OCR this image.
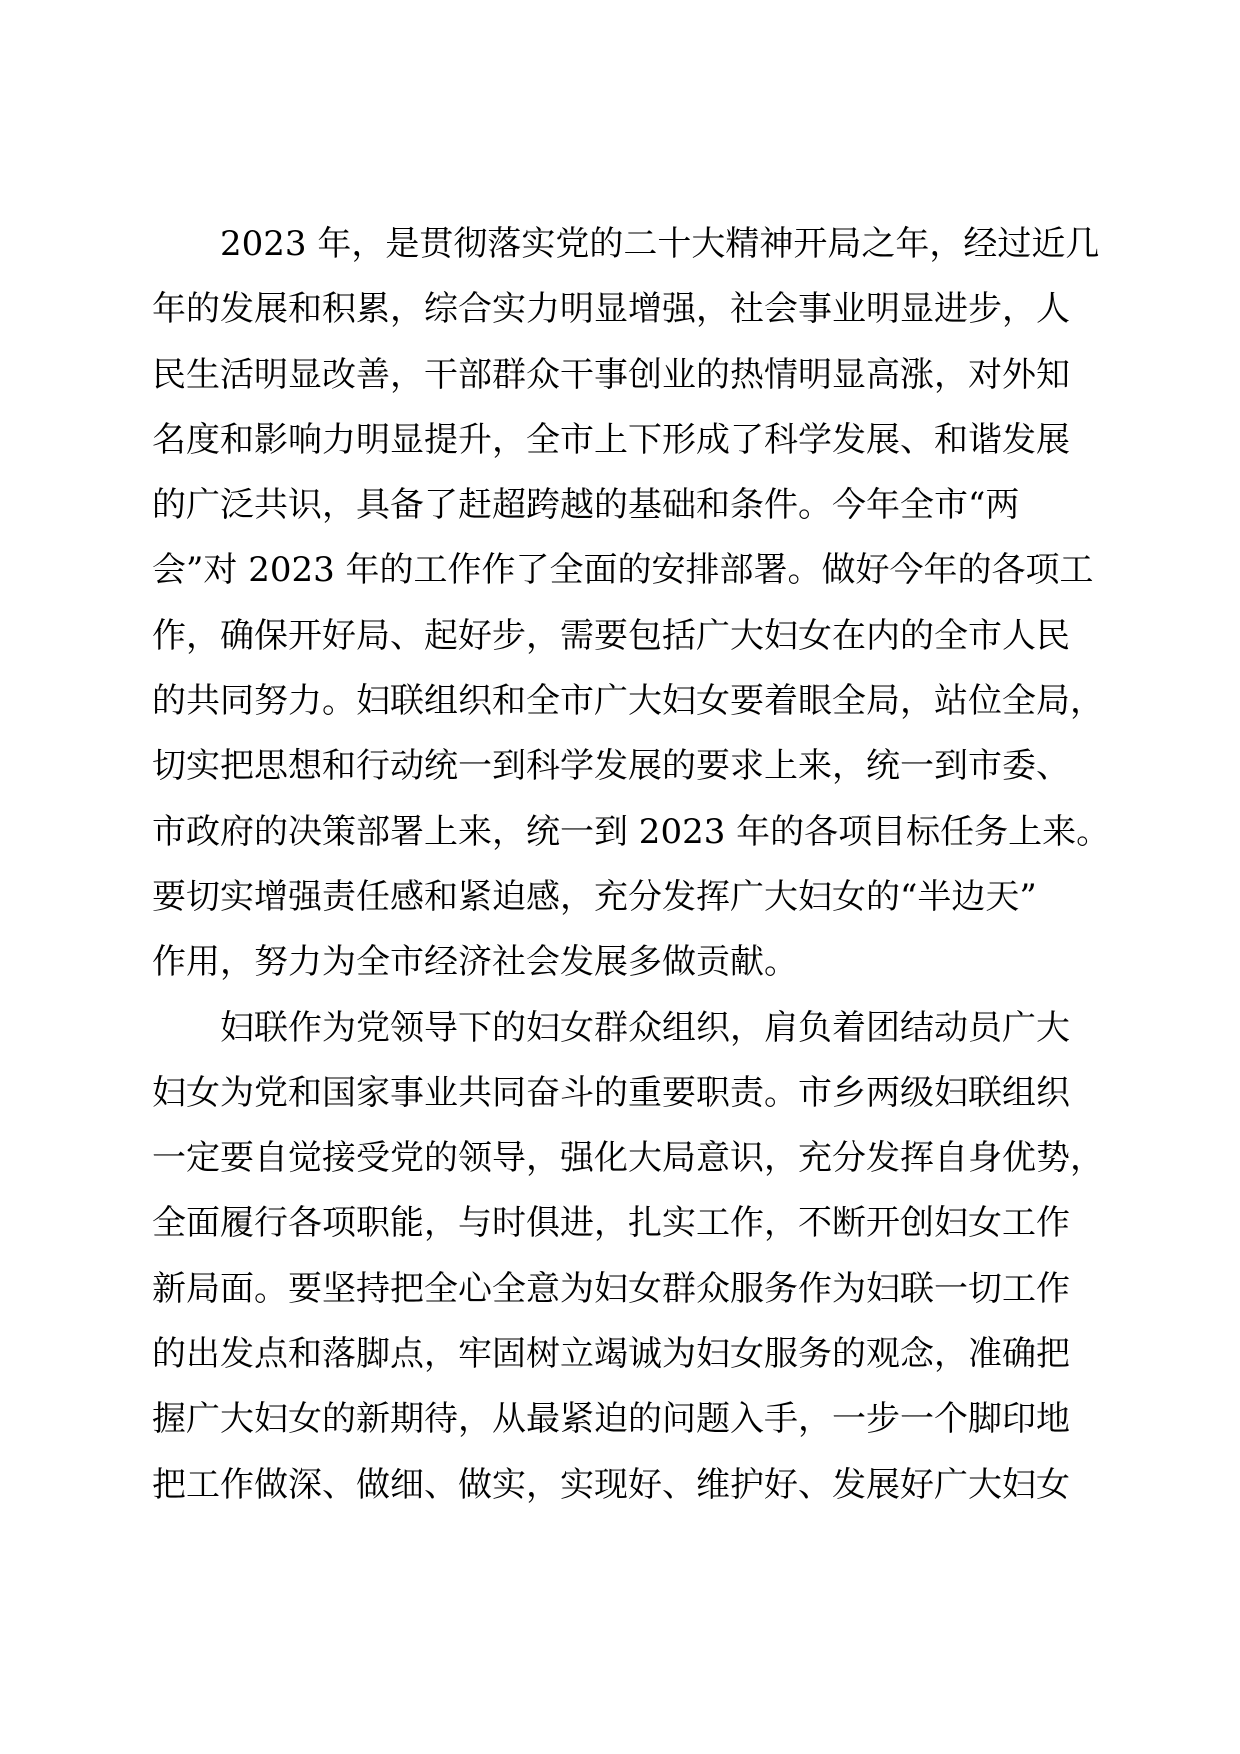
2023 年，是贯彻落实党的二十大精神开局之年，经过近几
年的发展和积累，综合实力明显增强，社会事业明显进步，人
民生活明显改善，干部群众干事创业的热情明显高涨，对外知
名度和影响力明显提升，全市上下形成了科学发展、和谐发展
的广泛共识，具备了赶超跨越的基础和条件。今年全市“两
会”对 2023 年的工作作了全面的安排部署。做好今年的各项工
作，确保开好局、起好步，需要包括广大妇女在内的全市人民
的共同努力。妇联组织和全市广大妇女要着眼全局，站位全局，
切实把思想和行动统一到科学发展的要求上来，统一到市委、
市政府的决策部署上来，统一到 2023 年的各项目标任务上来。
要切实增强责任感和紧迫感，充分发挥广大妇女的“半边天”
作用，努力为全市经济社会发展多做贡献。
妇联作为党领导下的妇女群众组织，肩负着团结动员广大
妇女为党和国家事业共同奋斗的重要职责。市乡两级妇联组织
一定要自觉接受党的领导，强化大局意识，充分发挥自身优势，
全面履行各项职能，与时俱进，扎实工作，不断开创妇女工作
新局面。要坚持把全心全意为妇女群众服务作为妇联一切工作
的出发点和落脚点，牢固树立竭诚为妇女服务的观念，准确把
握广大妇女的新期待，从最紧迫的问题入手，一步一个脚印地
把工作做深、做细、做实，实现好、维护好、发展好广大妇女
